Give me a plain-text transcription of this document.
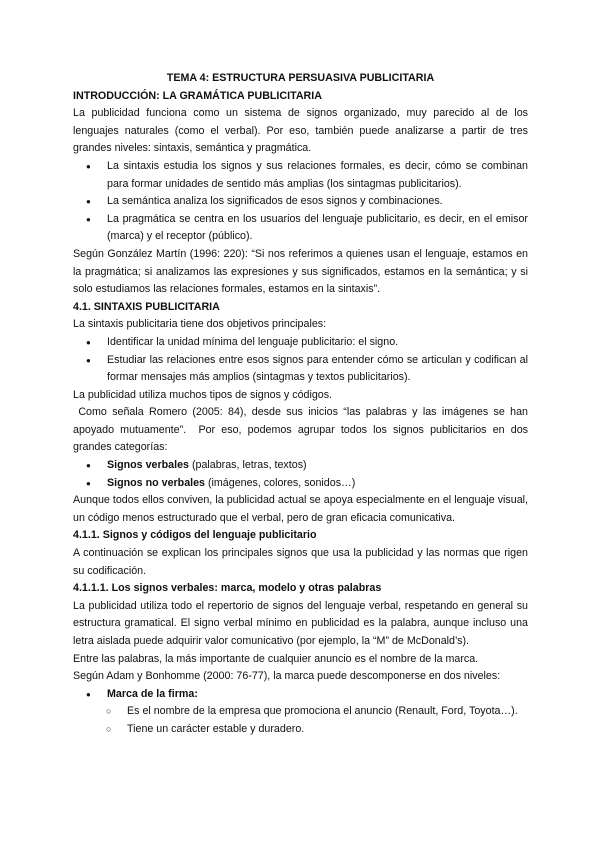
TEMA 4: ESTRUCTURA PERSUASIVA PUBLICITARIA

INTRODUCCIÓN: LA GRAMÁTICA PUBLICITARIA

La publicidad funciona como un sistema de signos organizado, muy parecido al de los lenguajes naturales (como el verbal). Por eso, también puede analizarse a partir de tres grandes niveles: sintaxis, semántica y pragmática.

● La sintaxis estudia los signos y sus relaciones formales, es decir, cómo se combinan para formar unidades de sentido más amplias (los sintagmas publicitarios).
● La semántica analiza los significados de esos signos y combinaciones.
● La pragmática se centra en los usuarios del lenguaje publicitario, es decir, en el emisor (marca) y el receptor (público).

Según González Martín (1996: 220): “Si nos referimos a quienes usan el lenguaje, estamos en la pragmática; si analizamos las expresiones y sus significados, estamos en la semántica; y si solo estudiamos las relaciones formales, estamos en la sintaxis”.

4.1. SINTAXIS PUBLICITARIA

La sintaxis publicitaria tiene dos objetivos principales:

● Identificar la unidad mínima del lenguaje publicitario: el signo.
● Estudiar las relaciones entre esos signos para entender cómo se articulan y codifican al formar mensajes más amplios (sintagmas y textos publicitarios).

La publicidad utiliza muchos tipos de signos y códigos.

Como señala Romero (2005: 84), desde sus inicios “las palabras y las imágenes se han apoyado mutuamente”.  Por eso, podemos agrupar todos los signos publicitarios en dos grandes categorías:

● Signos verbales (palabras, letras, textos)
● Signos no verbales (imágenes, colores, sonidos…)

Aunque todos ellos conviven, la publicidad actual se apoya especialmente en el lenguaje visual, un código menos estructurado que el verbal, pero de gran eficacia comunicativa.

4.1.1. Signos y códigos del lenguaje publicitario

A continuación se explican los principales signos que usa la publicidad y las normas que rigen su codificación.

4.1.1.1. Los signos verbales: marca, modelo y otras palabras

La publicidad utiliza todo el repertorio de signos del lenguaje verbal, respetando en general su estructura gramatical. El signo verbal mínimo en publicidad es la palabra, aunque incluso una letra aislada puede adquirir valor comunicativo (por ejemplo, la “M” de McDonald’s).

Entre las palabras, la más importante de cualquier anuncio es el nombre de la marca.

Según Adam y Bonhomme (2000: 76-77), la marca puede descomponerse en dos niveles:

● Marca de la firma:
○ Es el nombre de la empresa que promociona el anuncio (Renault, Ford, Toyota…).
○ Tiene un carácter estable y duradero.
